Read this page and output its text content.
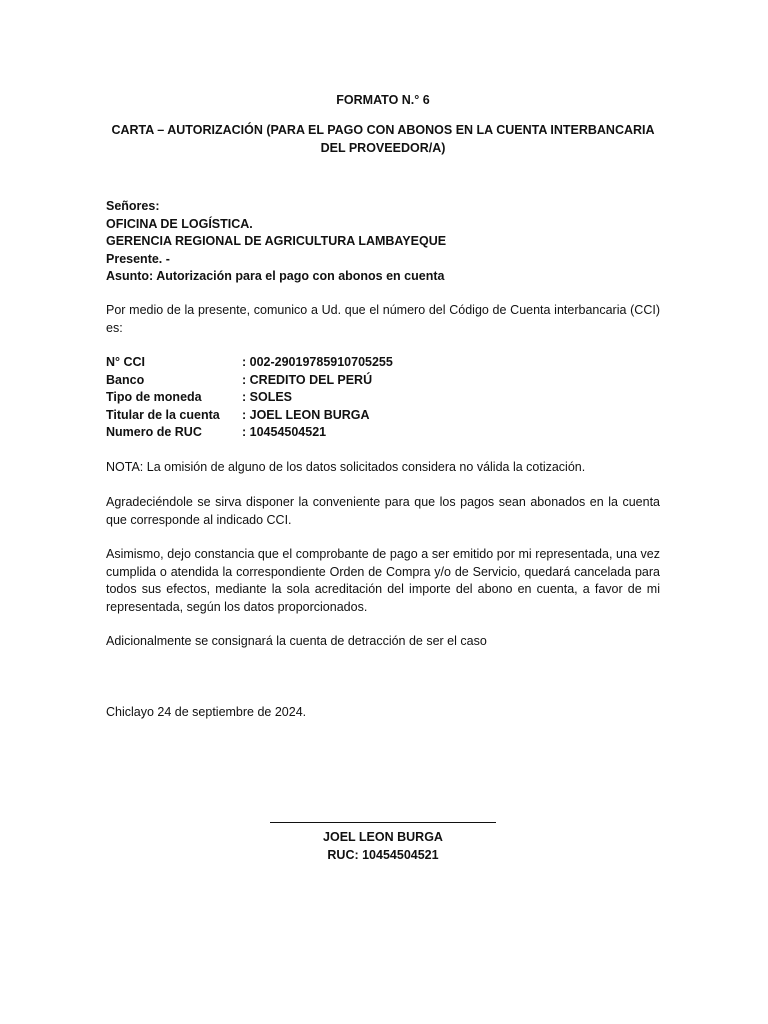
FORMATO N.° 6
CARTA – AUTORIZACIÓN (PARA EL PAGO CON ABONOS EN LA CUENTA INTERBANCARIA DEL PROVEEDOR/A)
Señores:
OFICINA DE LOGÍSTICA.
GERENCIA REGIONAL DE AGRICULTURA LAMBAYEQUE
Presente. -
Asunto: Autorización para el pago con abonos en cuenta
Por medio de la presente, comunico a Ud. que el número del Código de Cuenta interbancaria (CCI) es:
N° CCI	: 002-29019785910705255
Banco	: CREDITO DEL PERÚ
Tipo de moneda	: SOLES
Titular de la cuenta	: JOEL LEON BURGA
Numero de RUC	: 10454504521
NOTA: La omisión de alguno de los datos solicitados considera no válida la cotización.
Agradeciéndole se sirva disponer la conveniente para que los pagos sean abonados en la cuenta que corresponde al indicado CCI.
Asimismo, dejo constancia que el comprobante de pago a ser emitido por mi representada, una vez cumplida o atendida la correspondiente Orden de Compra y/o de Servicio, quedará cancelada para todos sus efectos, mediante la sola acreditación del importe del abono en cuenta, a favor de mi representada, según los datos proporcionados.
Adicionalmente se consignará la cuenta de detracción de ser el caso
Chiclayo 24 de septiembre de 2024.
JOEL LEON BURGA
RUC: 10454504521
